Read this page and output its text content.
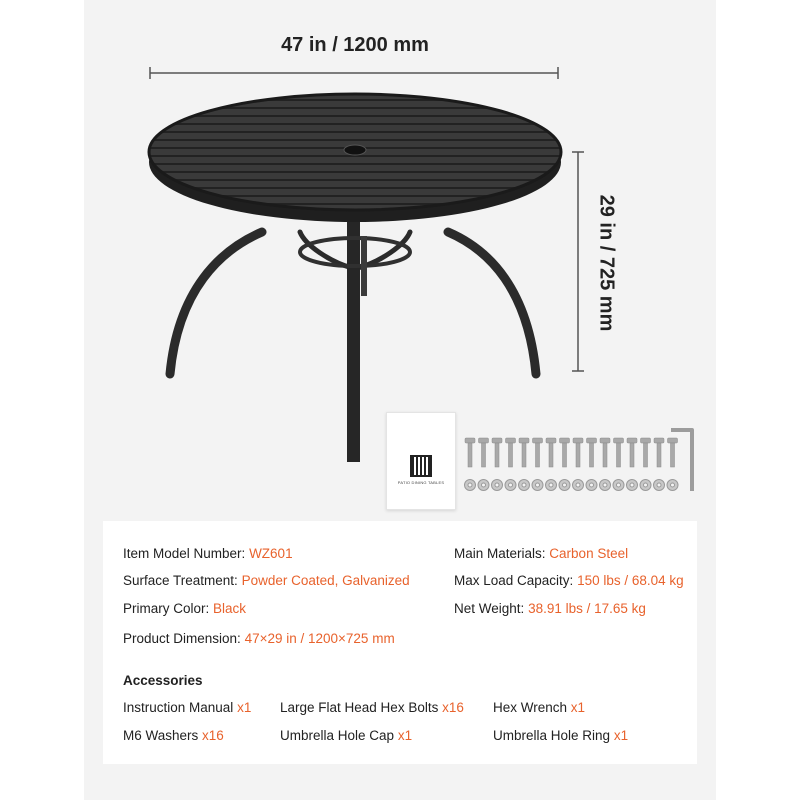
47 in / 1200 mm
29 in / 725 mm
PATIO DINING TABLES
Item Model Number: WZ601
Surface Treatment: Powder Coated, Galvanized
Primary Color: Black
Product Dimension: 47×29 in / 1200×725 mm
Main Materials: Carbon Steel
Max Load Capacity: 150 lbs / 68.04 kg
Net Weight: 38.91 lbs / 17.65 kg
Accessories
Instruction Manual x1 Large Flat Head Hex Bolts x16 Hex Wrench x1
M6 Washers x16	Umbrella Hole Cap x1	Umbrella Hole Ring x1
